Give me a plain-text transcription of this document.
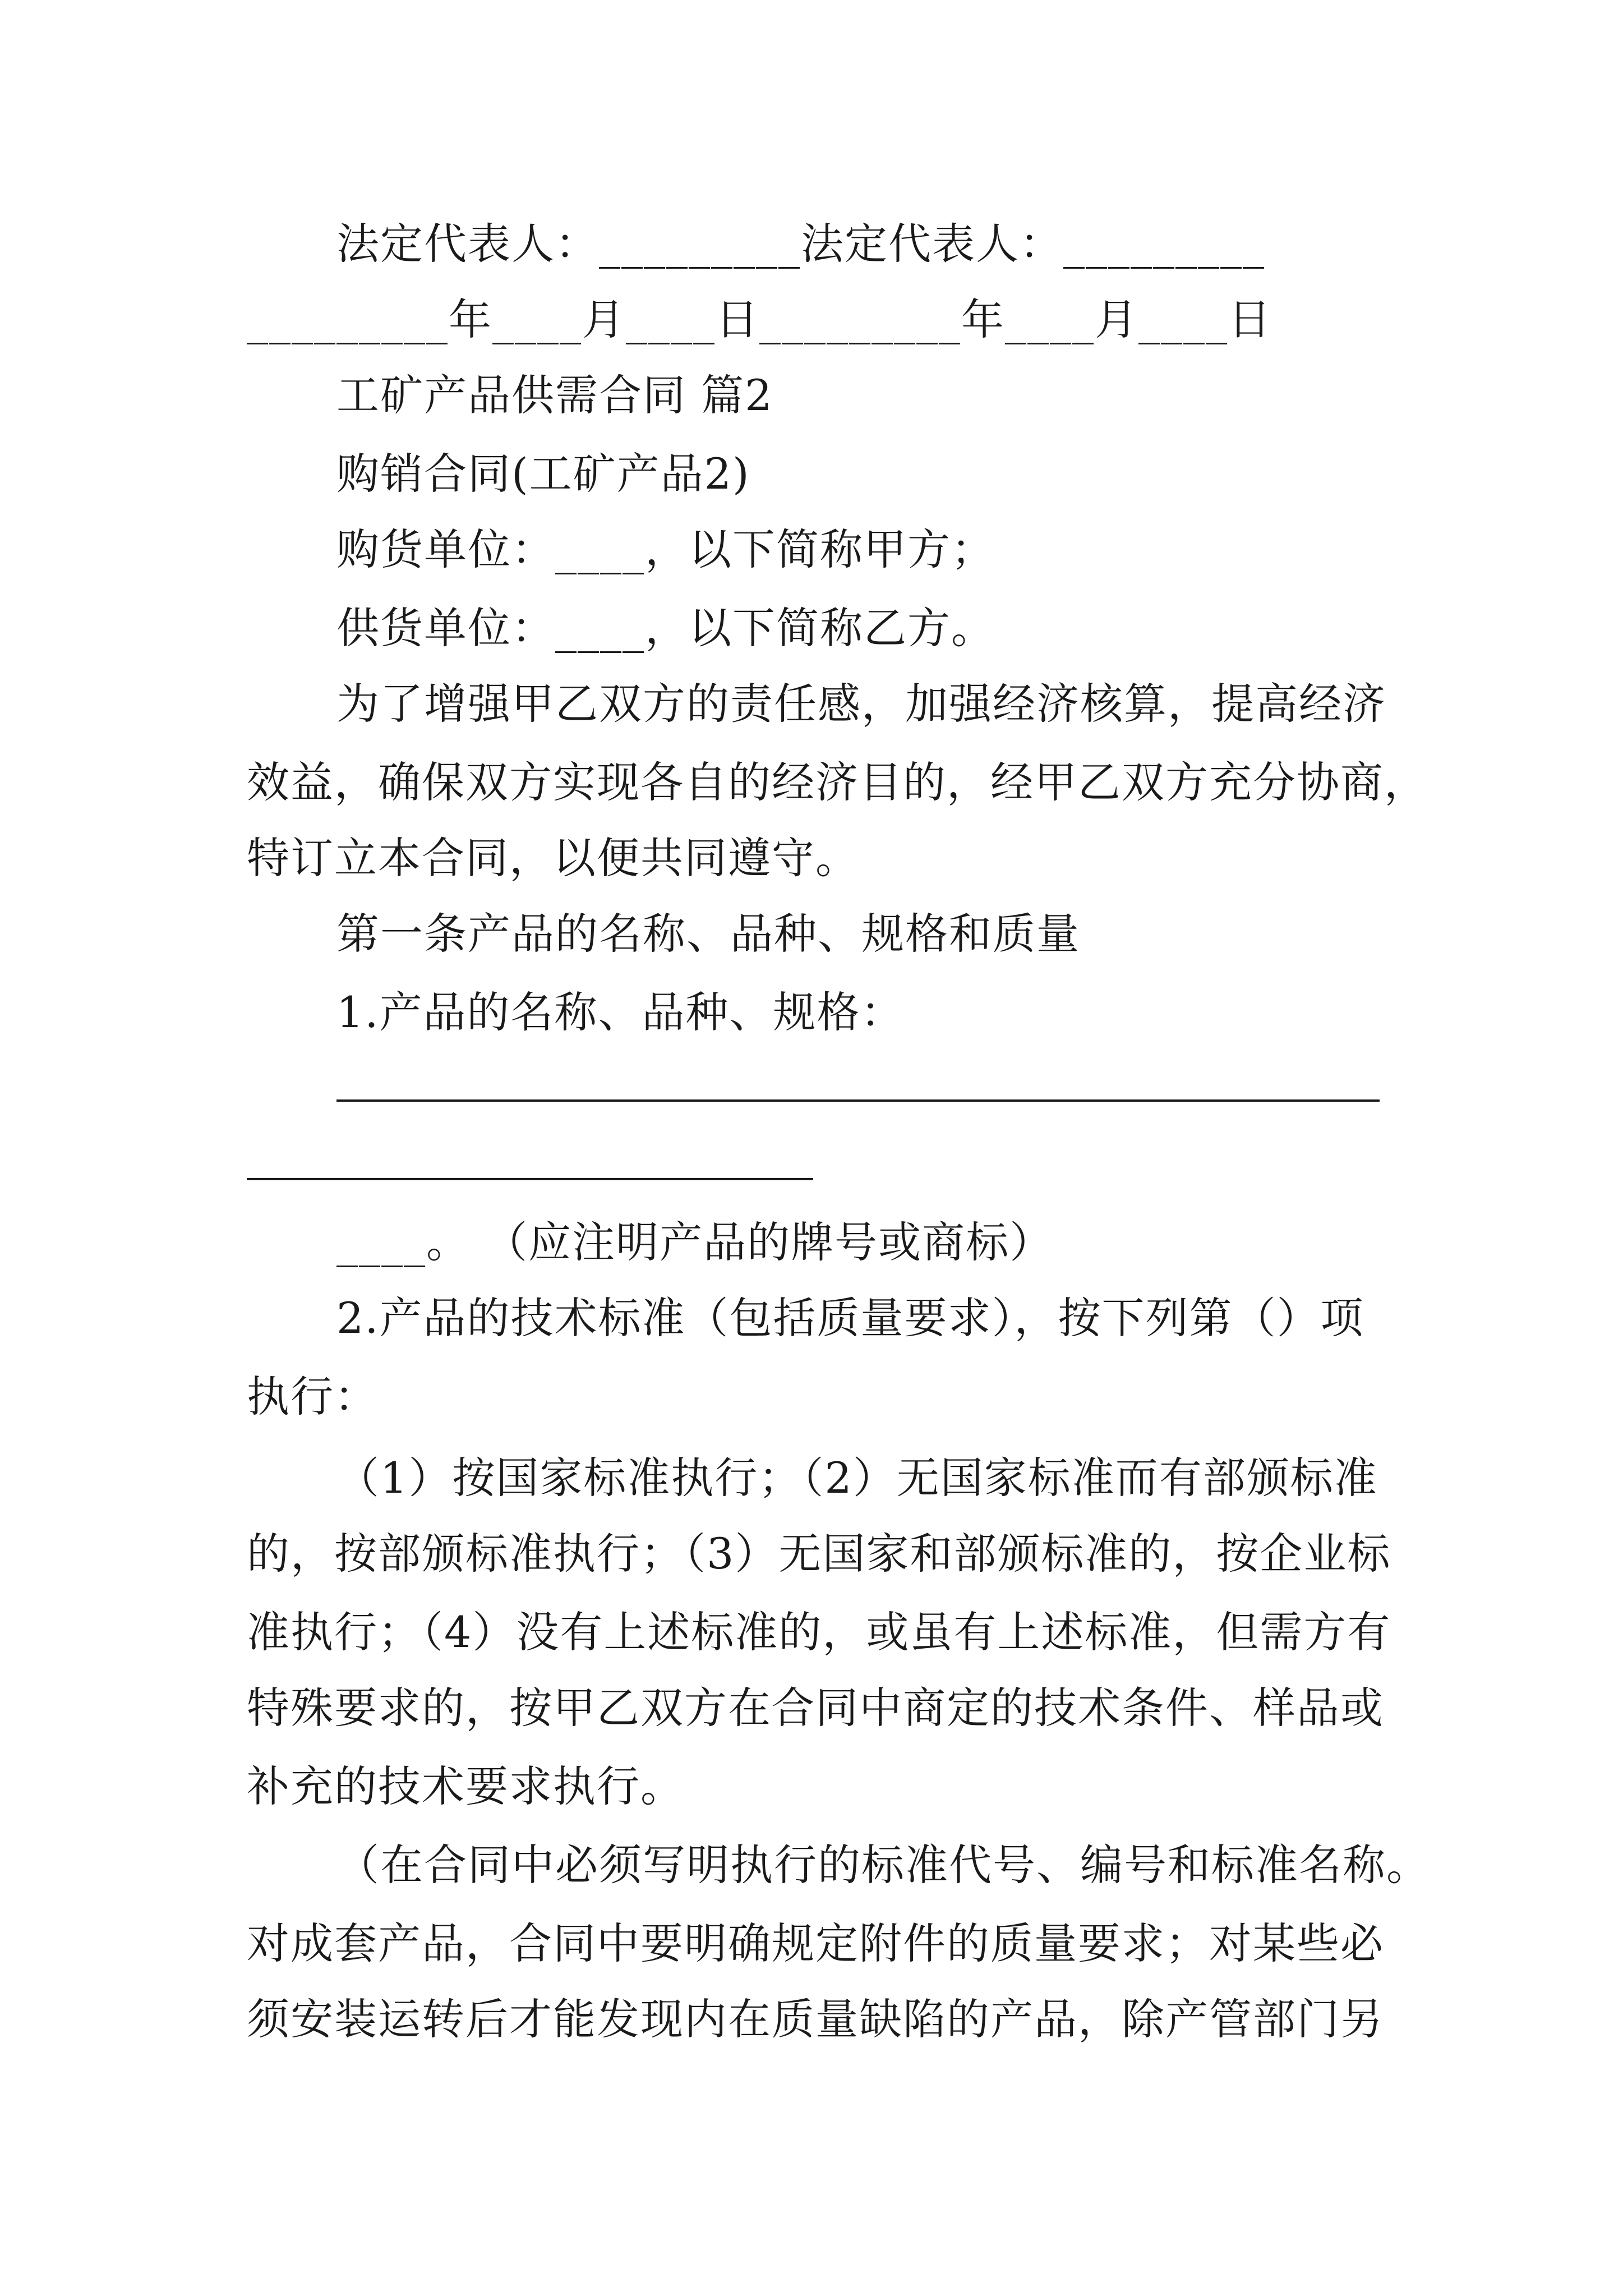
法定代表人：_________法定代表人：_________
_________年____月____日_________年____月____日
工矿产品供需合同 篇2
购销合同(工矿产品2)
购货单位：____，以下简称甲方；
供货单位：____，以下简称乙方。
为了增强甲乙双方的责任感，加强经济核算，提高经济
效益，确保双方实现各自的经济目的，经甲乙双方充分协商，
特订立本合同，以便共同遵守。
第一条产品的名称、品种、规格和质量
1.产品的名称、品种、规格：
____。 （应注明产品的牌号或商标）
2.产品的技术标准（包括质量要求），按下列第（）项
执行：
（1）按国家标准执行；（2）无国家标准而有部颁标准
的，按部颁标准执行；（3）无国家和部颁标准的，按企业标
准执行；（4）没有上述标准的，或虽有上述标准，但需方有
特殊要求的，按甲乙双方在合同中商定的技术条件、样品或
补充的技术要求执行。
（在合同中必须写明执行的标准代号、编号和标准名称。
对成套产品，合同中要明确规定附件的质量要求；对某些必
须安装运转后才能发现内在质量缺陷的产品，除产管部门另
